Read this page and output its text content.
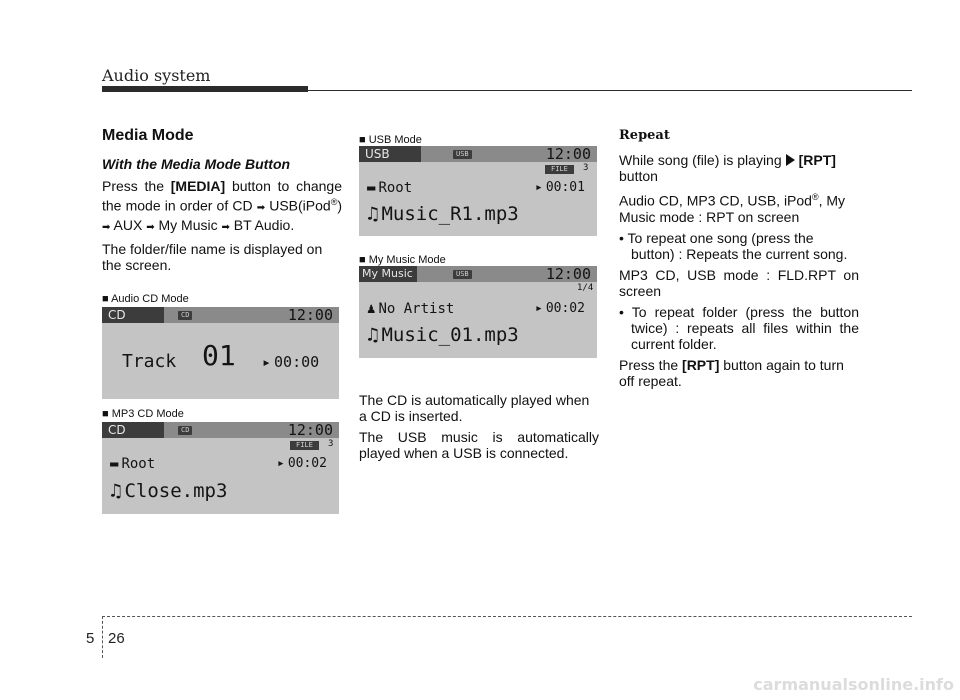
Audio system
Media Mode
With the Media Mode Button

Press the [MEDIA] button to change the mode in order of CD ➡ USB(iPod®) ➡ AUX ➡ My Music ➡ BT Audio.

The folder/file name is displayed on the screen.

■ Audio CD Mode
CD	CD	12:00
Track 01 ▸ 00:00
■ MP3 CD Mode
CD	CD	12:00
FILE	3
▬ Root	▸ 00:02
♫ Close.mp3
■ USB Mode
USB	USB	12:00
FILE	3
▬ Root	▸ 00:01
♫ Music_R1.mp3
■ My Music Mode
My Music	USB	12:00
1/4
♟ No Artist	▸ 00:02
♫ Music_01.mp3

The CD is automatically played when a CD is inserted.

The USB music is automatically played when a USB is connected.

Repeat

While song (file) is playing [RPT]
button

Audio CD, MP3 CD, USB, iPod®, My Music mode : RPT on screen

• To repeat one song (press the button) : Repeats the current song.

MP3 CD, USB mode : FLD.RPT on screen

• To repeat folder (press the button twice) : repeats all files within the current folder.

Press the [RPT] button again to turn off repeat.

5 26
carmanualsonline.info
